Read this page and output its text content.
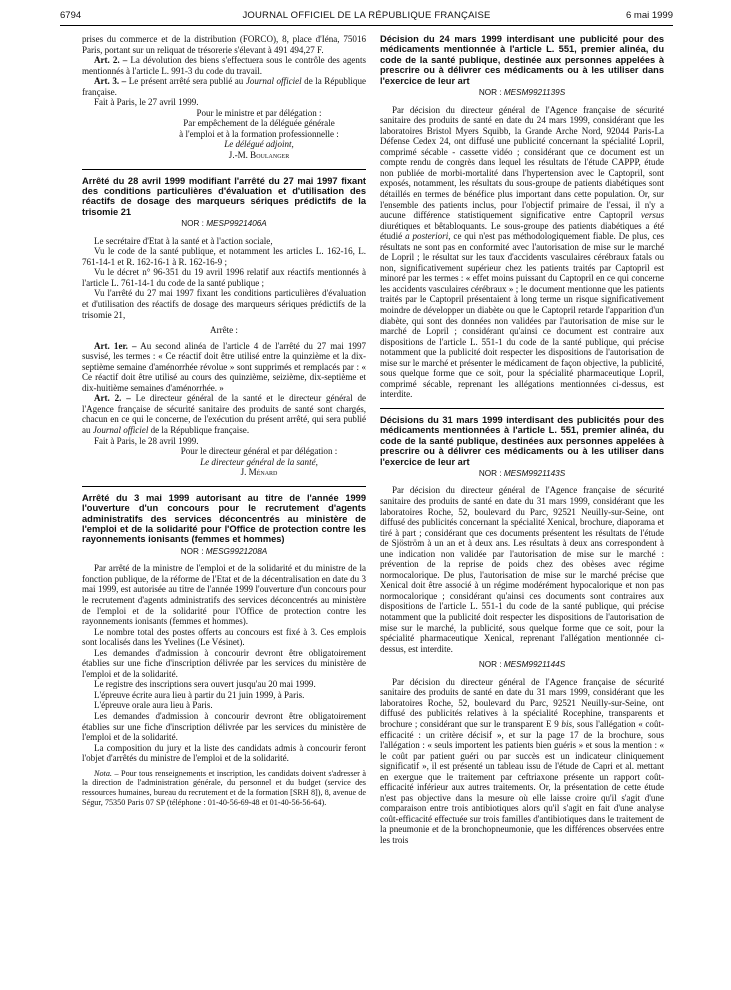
6794	JOURNAL OFFICIEL DE LA RÉPUBLIQUE FRANÇAISE	6 mai 1999

prises du commerce et de la distribution (FORCO), 8, place d'Iéna, 75016 Paris, portant sur un reliquat de trésorerie s'élevant à 491 494,27 F.

Art. 2. – La dévolution des biens s'effectuera sous le contrôle des agents mentionnés à l'article L. 991-3 du code du travail.

Art. 3. – Le présent arrêté sera publié au Journal officiel de la République française.

Fait à Paris, le 27 avril 1999.

Pour le ministre et par délégation :
Par empêchement de la déléguée générale
à l'emploi et à la formation professionnelle :
Le délégué adjoint,
J.-M. Boulanger
Arrêté du 28 avril 1999 modifiant l'arrêté du 27 mai 1997 fixant des conditions particulières d'évaluation et d'utilisation des réactifs de dosage des marqueurs sériques prédictifs de la trisomie 21
NOR : MESP9921406A

Le secrétaire d'Etat à la santé et à l'action sociale,

Vu le code de la santé publique, et notamment les articles L. 162-16, L. 761-14-1 et R. 162-16-1 à R. 162-16-9 ;

Vu le décret n° 96-351 du 19 avril 1996 relatif aux réactifs mentionnés à l'article L. 761-14-1 du code de la santé publique ;

Vu l'arrêté du 27 mai 1997 fixant les conditions particulières d'évaluation et d'utilisation des réactifs de dosage des marqueurs sériques prédictifs de la trisomie 21,

Arrête :

Art. 1er. – Au second alinéa de l'article 4 de l'arrêté du 27 mai 1997 susvisé, les termes : « Ce réactif doit être utilisé entre la quinzième et la dix-septième semaine d'aménorrhée révolue » sont supprimés et remplacés par : « Ce réactif doit être utilisé au cours des quinzième, seizième, dix-septième et dix-huitième semaines d'aménorrhée. »

Art. 2. – Le directeur général de la santé et le directeur général de l'Agence française de sécurité sanitaire des produits de santé sont chargés, chacun en ce qui le concerne, de l'exécution du présent arrêté, qui sera publié au Journal officiel de la République française.

Fait à Paris, le 28 avril 1999.

Pour le directeur général et par délégation :
Le directeur général de la santé,
J. Ménard
Arrêté du 3 mai 1999 autorisant au titre de l'année 1999 l'ouverture d'un concours pour le recrutement d'agents administratifs des services déconcentrés au ministère de l'emploi et de la solidarité pour l'Office de protection contre les rayonnements ionisants (femmes et hommes)
NOR : MESG9921208A

Par arrêté de la ministre de l'emploi et de la solidarité et du ministre de la fonction publique, de la réforme de l'Etat et de la décentralisation en date du 3 mai 1999, est autorisée au titre de l'année 1999 l'ouverture d'un concours pour le recrutement d'agents administratifs des services déconcentrés au ministère de l'emploi et de la solidarité pour l'Office de protection contre les rayonnements ionisants (femmes et hommes).

Le nombre total des postes offerts au concours est fixé à 3. Ces emplois sont localisés dans les Yvelines (Le Vésinet).

Les demandes d'admission à concourir devront être obligatoirement établies sur une fiche d'inscription délivrée par les services du ministère de l'emploi et de la solidarité.

Le registre des inscriptions sera ouvert jusqu'au 20 mai 1999.

L'épreuve écrite aura lieu à partir du 21 juin 1999, à Paris.

L'épreuve orale aura lieu à Paris.

Les demandes d'admission à concourir devront être obligatoirement établies sur une fiche d'inscription délivrée par les services du ministère de l'emploi et de la solidarité.

La composition du jury et la liste des candidats admis à concourir feront l'objet d'arrêtés du ministre de l'emploi et de la solidarité.

Nota. – Pour tous renseignements et inscription, les candidats doivent s'adresser à la direction de l'administration générale, du personnel et du budget (service des ressources humaines, bureau du recrutement et de la formation [SRH 8]), 8, avenue de Ségur, 75350 Paris 07 SP (téléphone : 01-40-56-69-48 et 01-40-56-56-64).

Décision du 24 mars 1999 interdisant une publicité pour des médicaments mentionnée à l'article L. 551, premier alinéa, du code de la santé publique, destinée aux personnes appelées à prescrire ou à délivrer ces médicaments ou à les utiliser dans l'exercice de leur art
NOR : MESM9921139S

Par décision du directeur général de l'Agence française de sécurité sanitaire des produits de santé en date du 24 mars 1999, considérant que les laboratoires Bristol Myers Squibb, la Grande Arche Nord, 92044 Paris-La Défense Cedex 24, ont diffusé une publicité concernant la spécialité Lopril, comprimé sécable - cassette vidéo ; considérant que ce document est un compte rendu de congrès dans lequel les résultats de l'étude CAPPP, étude non publiée de morbi-mortalité dans l'hypertension avec le Captopril, sont exposés, notamment, les résultats du sous-groupe de patients diabétiques sont détaillés en termes de bénéfice plus important dans cette population. Or, sur l'ensemble des patients inclus, pour l'objectif primaire de l'essai, il n'y a aucune différence statistiquement significative entre Captopril versus diurétiques et bêtabloquants. Le sous-groupe des patients diabétiques a été étudié a posteriori, ce qui n'est pas méthodologiquement fiable. De plus, ces résultats ne sont pas en conformité avec l'autorisation de mise sur le marché de Lopril ; le résultat sur les taux d'accidents vasculaires cérébraux fatals ou non, significativement supérieur chez les patients traités par Captopril est minoré par les termes : « effet moins puissant du Captopril en ce qui concerne les accidents vasculaires cérébraux » ; le document mentionne que les patients traités par le Captopril présentaient à long terme un risque significativement moindre de développer un diabète ou que le Captopril retarde l'apparition d'un diabète, qui sont des données non validées par l'autorisation de mise sur le marché de Lopril ; considérant qu'ainsi ce document est contraire aux dispositions de l'article L. 551-1 du code de la santé publique, qui précise notamment que la publicité doit respecter les dispositions de l'autorisation de mise sur le marché et présenter le médicament de façon objective, la publicité, sous quelque forme que ce soit, pour la spécialité pharmaceutique Lopril, comprimé sécable, reprenant les allégations mentionnées ci-dessus, est interdite.

Décisions du 31 mars 1999 interdisant des publicités pour des médicaments mentionnées à l'article L. 551, premier alinéa, du code de la santé publique, destinées aux personnes appelées à prescrire ou à délivrer ces médicaments ou à les utiliser dans l'exercice de leur art
NOR : MESM9921143S

Par décision du directeur général de l'Agence française de sécurité sanitaire des produits de santé en date du 31 mars 1999, considérant que les laboratoires Roche, 52, boulevard du Parc, 92521 Neuilly-sur-Seine, ont diffusé des publicités concernant la spécialité Xenical, brochure, diaporama et tiré à part ; considérant que ces documents présentent les résultats de l'étude de Sjöström à un an et à deux ans. Les résultats à deux ans correspondent à une indication non validée par l'autorisation de mise sur le marché : prévention de la reprise de poids chez des obèses avec régime normocalorique. De plus, l'autorisation de mise sur le marché précise que Xenical doit être associé à un régime modérément hypocalorique et non pas normocalorique ; considérant qu'ainsi ces documents sont contraires aux dispositions de l'article L. 551-1 du code de la santé publique, qui précise notamment que la publicité doit respecter les dispositions de l'autorisation de mise sur le marché, la publicité, sous quelque forme que ce soit, pour la spécialité pharmaceutique Xenical, reprenant l'allégation mentionnée ci-dessus, est interdite.

NOR : MESM9921144S

Par décision du directeur général de l'Agence française de sécurité sanitaire des produits de santé en date du 31 mars 1999, considérant que les laboratoires Roche, 52, boulevard du Parc, 92521 Neuilly-sur-Seine, ont diffusé des publicités relatives à la spécialité Rocephine, transparents et brochure ; considérant que sur le transparent E 9 bis, sous l'allégation « coût-efficacité : un critère décisif », et sur la page 17 de la brochure, sous l'allégation : « seuls importent les patients bien guéris » et sous la mention : « le coût par patient guéri ou par succès est un indicateur cliniquement significatif », il est présenté un tableau issu de l'étude de Capri et al. mettant en exergue que le traitement par ceftriaxone présente un rapport coût-efficacité inférieur aux autres traitements. Or, la présentation de cette étude n'est pas objective dans la mesure où elle laisse croire qu'il s'agit d'une comparaison entre trois antibiotiques alors qu'il s'agit en fait d'une analyse coût-efficacité effectuée sur trois familles d'antibiotiques dans le traitement de la pneumonie et de la bronchopneumonie, que les différences observées entre les trois
